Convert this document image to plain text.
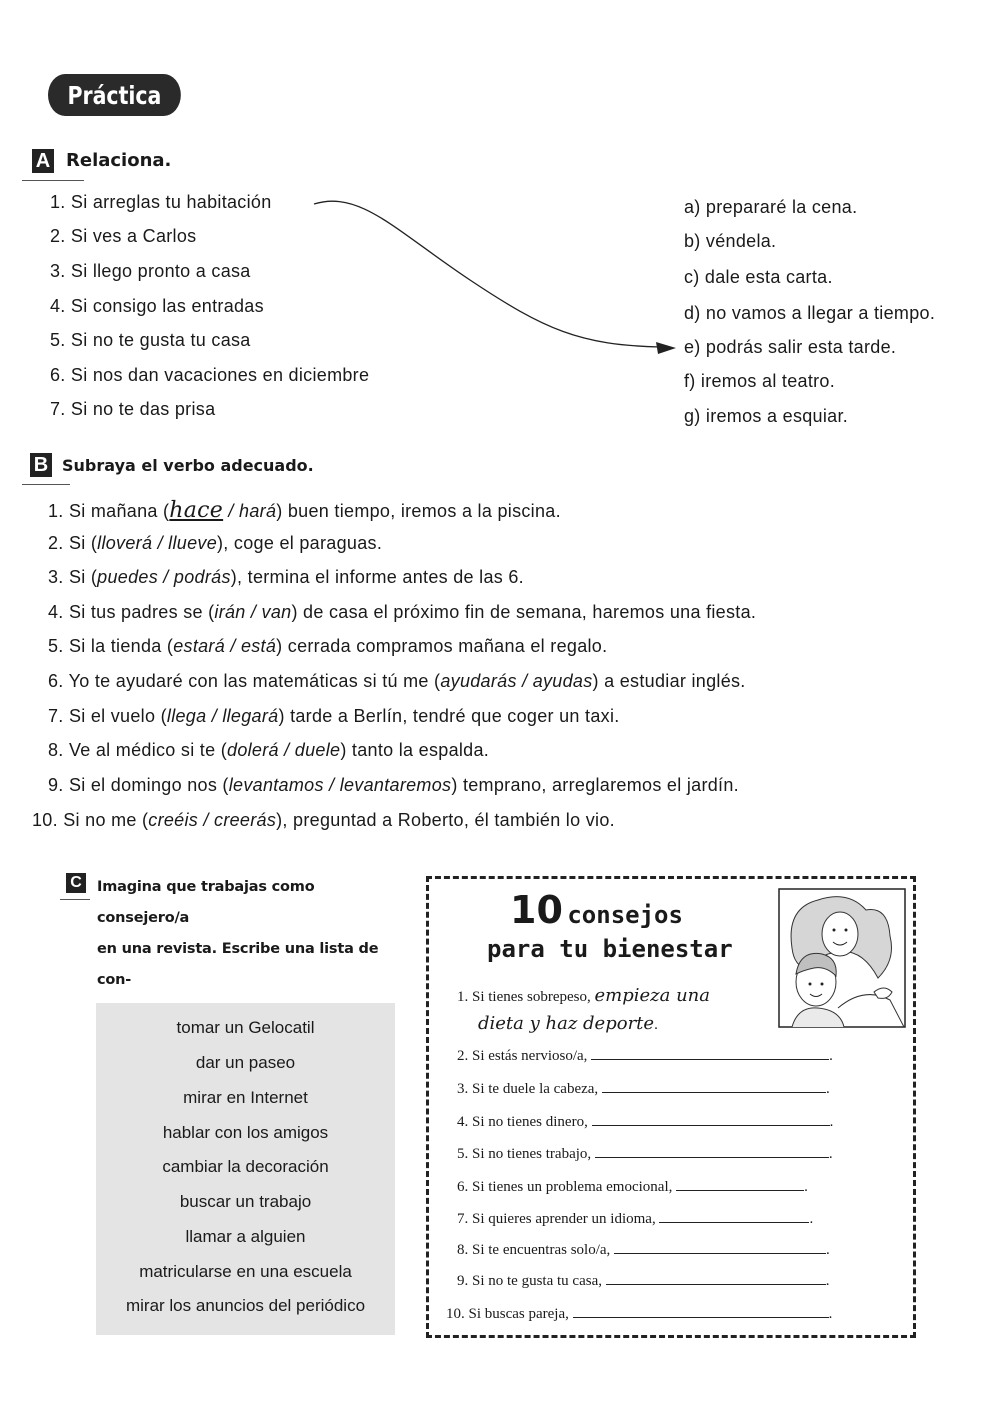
Práctica
A Relaciona.
1. Si arreglas tu habitación
2. Si ves a Carlos
3. Si llego pronto a casa
4. Si consigo las entradas
5. Si no te gusta tu casa
6. Si nos dan vacaciones en diciembre
7. Si no te das prisa
a) prepararé la cena.
b) véndela.
c) dale esta carta.
d) no vamos a llegar a tiempo.
e) podrás salir esta tarde.
f) iremos al teatro.
g) iremos a esquiar.
B Subraya el verbo adecuado.
1. Si mañana (hace / hará) buen tiempo, iremos a la piscina.
2. Si (lloverá / llueve), coge el paraguas.
3. Si (puedes / podrás), termina el informe antes de las 6.
4. Si tus padres se (irán / van) de casa el próximo fin de semana, haremos una fiesta.
5. Si la tienda (estará / está) cerrada compramos mañana el regalo.
6. Yo te ayudaré con las matemáticas si tú me (ayudarás / ayudas) a estudiar inglés.
7. Si el vuelo (llega / llegará) tarde a Berlín, tendré que coger un taxi.
8. Ve al médico si te (dolerá / duele) tanto la espalda.
9. Si el domingo nos (levantamos / levantaremos) temprano, arreglaremos el jardín.
10. Si no me (creéis / creerás), preguntad a Roberto, él también lo vio.
C Imagina que trabajas como consejero/a
en una revista. Escribe una lista de con-
tomar un Gelocatil
dar un paseo
mirar en Internet
hablar con los amigos
cambiar la decoración
buscar un trabajo
llamar a alguien
matricularse en una escuela
mirar los anuncios del periódico
10 consejos
para tu bienestar
1. Si tienes sobrepeso, empieza una
dieta y haz deporte.
2. Si estás nervioso/a,	.
3. Si te duele la cabeza,	.
4. Si no tienes dinero,	.
5. Si no tienes trabajo,	.
6. Si tienes un problema emocional,	.
7. Si quieres aprender un idioma,	.
8. Si te encuentras solo/a,	.
9. Si no te gusta tu casa,	.
10. Si buscas pareja,	.
